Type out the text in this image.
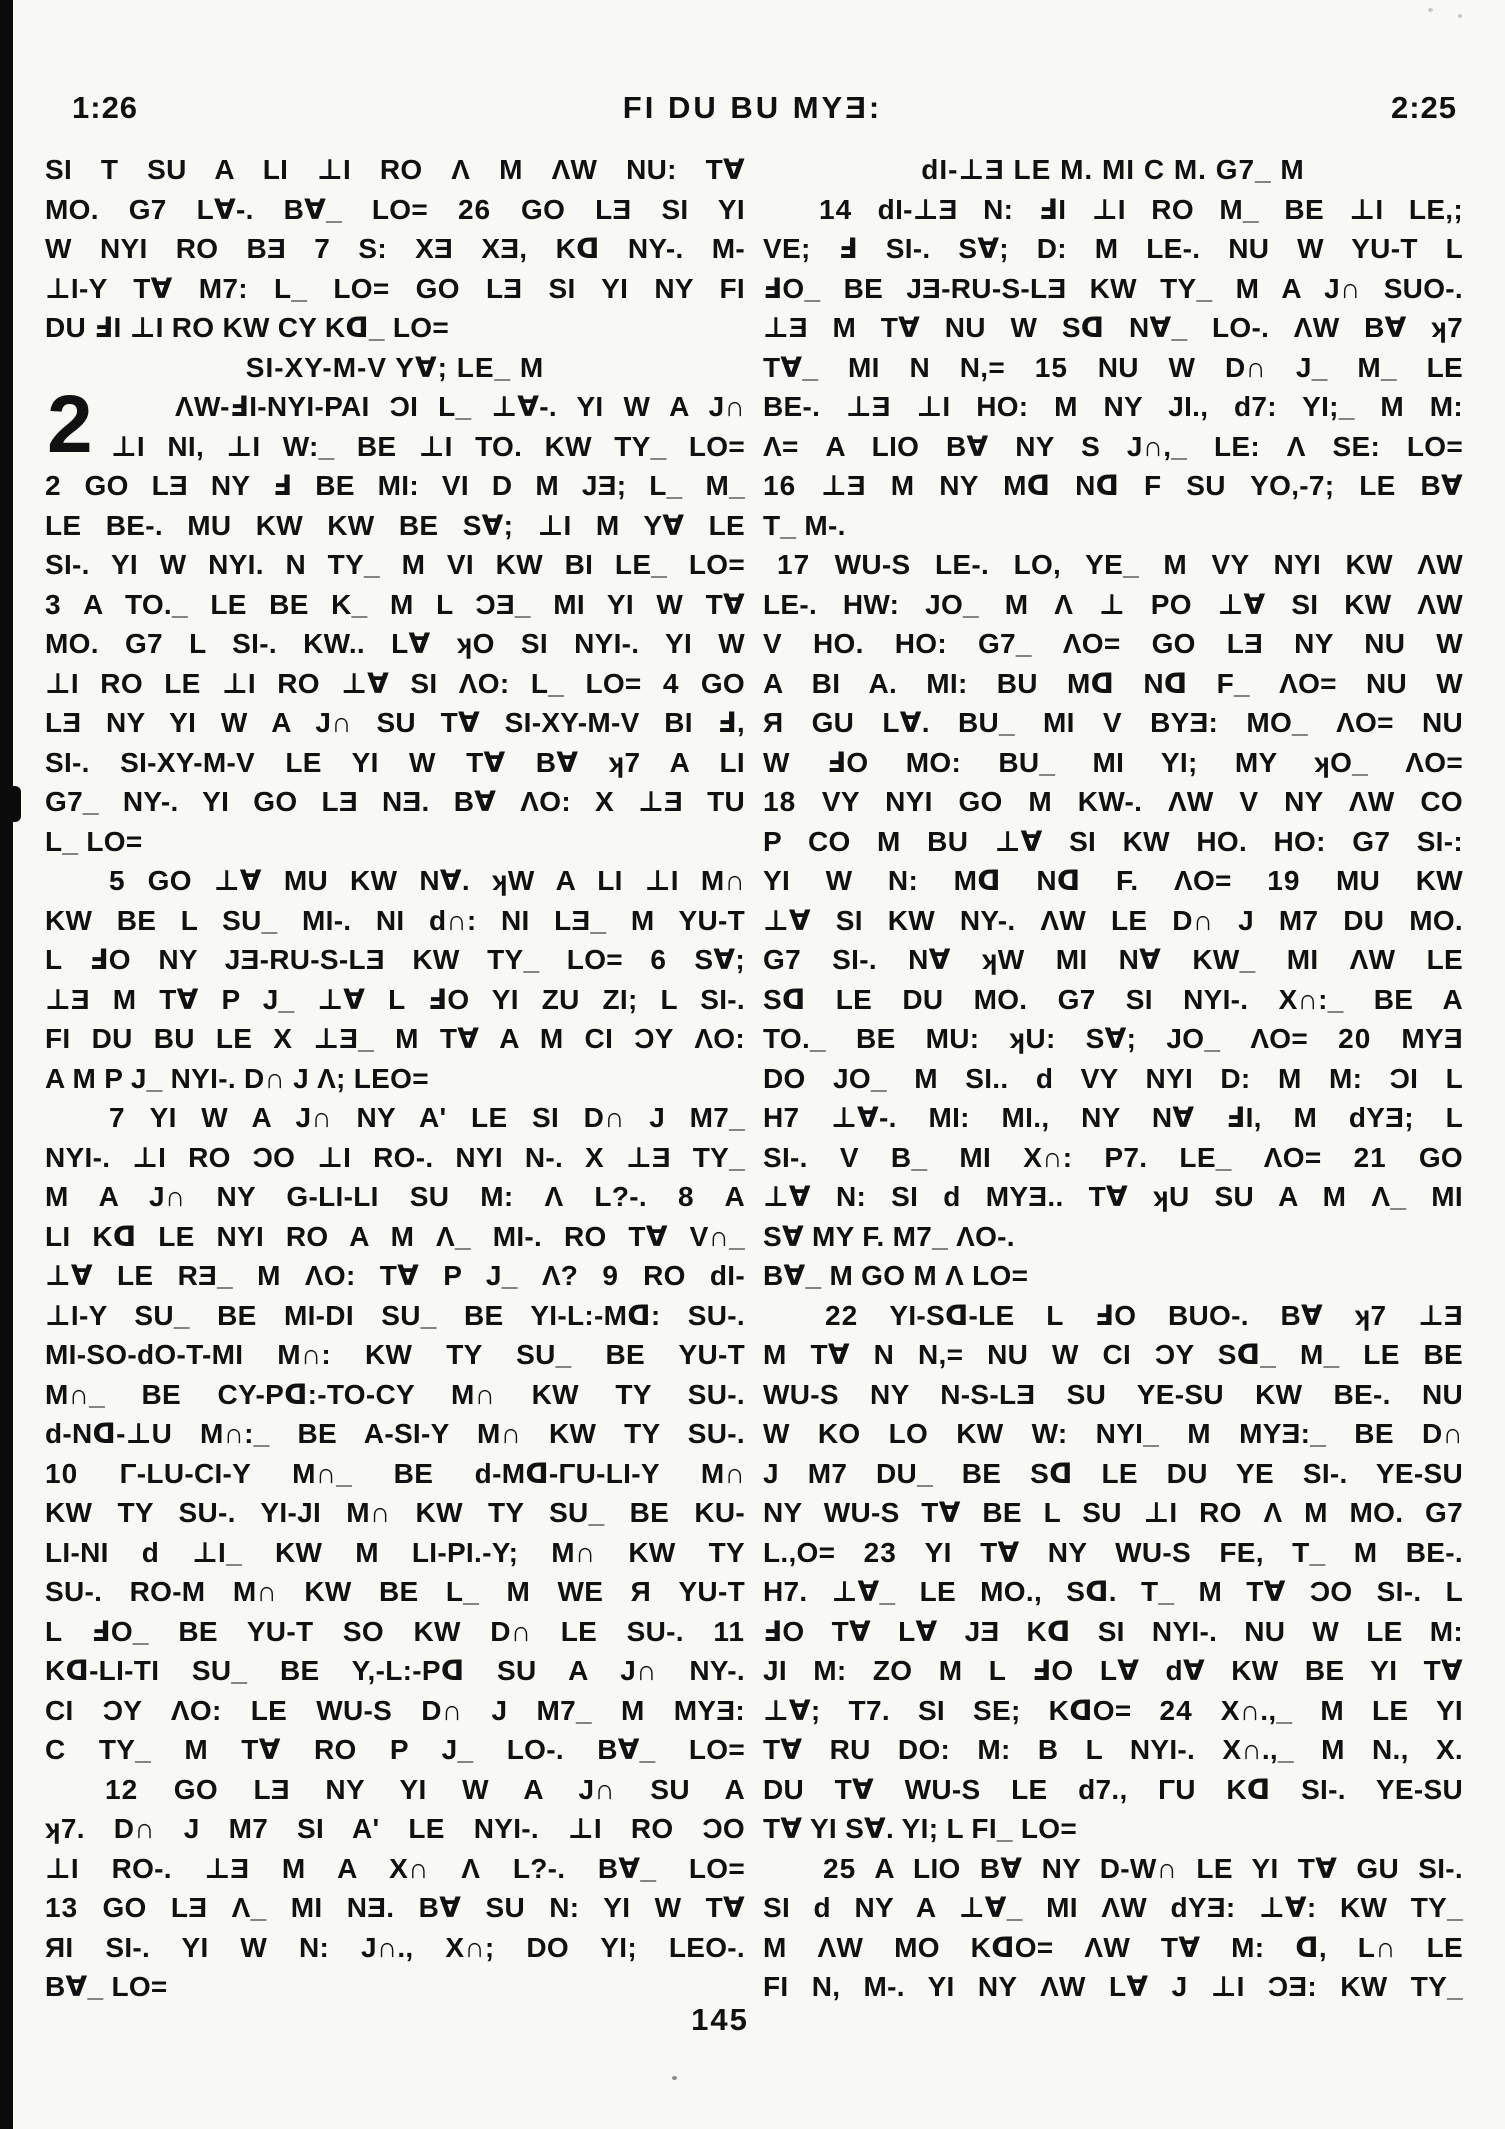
1:26	FI DU BU MYƎ:	2:25
2
SI T SU A LI ⊥I RO Λ M ΛW NU: T∀
MO. G7 L∀-. B∀_ LO= 26 GO LƎ SI YI
W NYI RO BƎ 7 S: XƎ XƎ, Kᗡ NY-. M-
⊥I-Y T∀ M7: L_ LO= GO LƎ SI YI NY FI
DU ℲI ⊥I RO KW CY Kᗡ_ LO=
SI-XY-M-V Y∀; LE_ M
ΛW-ℲI-NYI-PAI ƆI L_ ⊥∀-. YI W A J∩
⊥I NI, ⊥I W:_ BE ⊥I TO. KW TY_ LO=
2 GO LƎ NY Ⅎ BE MI: VI D M JƎ; L_ M_
LE BE-. MU KW KW BE S∀; ⊥I M Y∀ LE
SI-. YI W NYI. N TY_ M VI KW BI LE_ LO=
3 A TO._ LE BE K_ M L ƆƎ_ MI YI W T∀
MO. G7 L SI-. KW.. L∀ ʞO SI NYI-. YI W
⊥I RO LE ⊥I RO ⊥∀ SI ΛO: L_ LO= 4 GO
LƎ NY YI W A J∩ SU T∀ SI-XY-M-V BI Ⅎ,
SI-. SI-XY-M-V LE YI W T∀ B∀ ʞ7 A LI
G7_ NY-. YI GO LƎ NƎ. B∀ ΛO: X ⊥Ǝ TU
L_ LO=
5 GO ⊥∀ MU KW N∀. ʞW A LI ⊥I M∩
KW BE L SU_ MI-. NI d∩: NI LƎ_ M YU-T
L ℲO NY JƎ-RU-S-LƎ KW TY_ LO= 6 S∀;
⊥Ǝ M T∀ P J_ ⊥∀ L ℲO YI ZU ZI; L SI-.
FI DU BU LE X ⊥Ǝ_ M T∀ A M CI ƆY ΛO:
A M P J_ NYI-. D∩ J Λ; LEO=
7 YI W A J∩ NY A' LE SI D∩ J M7_
NYI-. ⊥I RO ƆO ⊥I RO-. NYI N-. X ⊥Ǝ TY_
M A J∩ NY G-LI-LI SU M: Λ L?-. 8 A
LI Kᗡ LE NYI RO A M Λ_ MI-. RO T∀ V∩_
⊥∀ LE RƎ_ M ΛO: T∀ P J_ Λ? 9 RO dI-
⊥I-Y SU_ BE MI-DI SU_ BE YI-L:-Mᗡ: SU-.
MI-SO-dO-T-MI M∩: KW TY SU_ BE YU-T
M∩_ BE CY-Pᗡ:-TO-CY M∩ KW TY SU-.
d-Nᗡ-⊥U M∩:_ BE A-SI-Y M∩ KW TY SU-.
10 Γ-LU-CI-Y M∩_ BE d-Mᗡ-ΓU-LI-Y M∩
KW TY SU-. YI-JI M∩ KW TY SU_ BE KU-
LI-NI d ⊥I_ KW M LI-PI.-Y; M∩ KW TY
SU-. RO-M M∩ KW BE L_ M WE Я YU-T
L ℲO_ BE YU-T SO KW D∩ LE SU-. 11
Kᗡ-LI-TI SU_ BE Y,-L:-Pᗡ SU A J∩ NY-.
CI ƆY ΛO: LE WU-S D∩ J M7_ M MYƎ:
C TY_ M T∀ RO P J_ LO-. B∀_ LO=
12 GO LƎ NY YI W A J∩ SU A
ʞ7. D∩ J M7 SI A' LE NYI-. ⊥I RO ƆO
⊥I RO-. ⊥Ǝ M A X∩ Λ L?-. B∀_ LO=
13 GO LƎ Λ_ MI NƎ. B∀ SU N: YI W T∀
ЯI SI-. YI W N: J∩., X∩; DO YI; LEO-.
B∀_ LO=
dI-⊥Ǝ LE M. MI C M. G7_ M
14 dI-⊥Ǝ N: ℲI ⊥I RO M_ BE ⊥I LE,;
VE; Ⅎ SI-. S∀; D: M LE-. NU W YU-T L
ℲO_ BE JƎ-RU-S-LƎ KW TY_ M A J∩ SUO-.
⊥Ǝ M T∀ NU W Sᗡ N∀_ LO-. ΛW B∀ ʞ7
T∀_ MI N N,= 15 NU W D∩ J_ M_ LE
BE-. ⊥Ǝ ⊥I HO: M NY JI., d7: YI;_ M M:
Λ= A LIO B∀ NY S J∩,_ LE: Λ SE: LO=
16 ⊥Ǝ M NY Mᗡ Nᗡ F SU YO,-7; LE B∀
T_ M-.
17 WU-S LE-. LO, YE_ M VY NYI KW ΛW
LE-. HW: JO_ M Λ ⊥ PO ⊥∀ SI KW ΛW
V HO. HO: G7_ ΛO= GO LƎ NY NU W
A BI A. MI: BU Mᗡ Nᗡ F_ ΛO= NU W
Я GU L∀. BU_ MI V BYƎ: MO_ ΛO= NU
W ℲO MO: BU_ MI YI; MY ʞO_ ΛO=
18 VY NYI GO M KW-. ΛW V NY ΛW CO
P CO M BU ⊥∀ SI KW HO. HO: G7 SI-:
YI W N: Mᗡ Nᗡ F. ΛO= 19 MU KW
⊥∀ SI KW NY-. ΛW LE D∩ J M7 DU MO.
G7 SI-. N∀ ʞW MI N∀ KW_ MI ΛW LE
Sᗡ LE DU MO. G7 SI NYI-. X∩:_ BE A
TO._ BE MU: ʞU: S∀; JO_ ΛO= 20 MYƎ
DO JO_ M SI.. d VY NYI D: M M: ƆI L
H7 ⊥∀-. MI: MI., NY N∀ ℲI, M dYƎ; L
SI-. V B_ MI X∩: P7. LE_ ΛO= 21 GO
⊥∀ N: SI d MYƎ.. T∀ ʞU SU A M Λ_ MI
S∀ MY F. M7_ ΛO-.
B∀_ M GO M Λ LO=
22 YI-Sᗡ-LE L ℲO BUO-. B∀ ʞ7 ⊥Ǝ
M T∀ N N,= NU W CI ƆY Sᗡ_ M_ LE BE
WU-S NY N-S-LƎ SU YE-SU KW BE-. NU
W KO LO KW W: NYI_ M MYƎ:_ BE D∩
J M7 DU_ BE Sᗡ LE DU YE SI-. YE-SU
NY WU-S T∀ BE L SU ⊥I RO Λ M MO. G7
L.,O= 23 YI T∀ NY WU-S FE, T_ M BE-.
H7. ⊥∀_ LE MO., Sᗡ. T_ M T∀ ƆO SI-. L
ℲO T∀ L∀ JƎ Kᗡ SI NYI-. NU W LE M:
JI M: ZO M L ℲO L∀ d∀ KW BE YI T∀
⊥∀; T7. SI SE; KᗡO= 24 X∩.,_ M LE YI
T∀ RU DO: M: B L NYI-. X∩.,_ M N., X.
DU T∀ WU-S LE d7., ΓU Kᗡ SI-. YE-SU
T∀ YI S∀. YI; L FI_ LO=
25 A LIO B∀ NY D-W∩ LE YI T∀ GU SI-.
SI d NY A ⊥∀_ MI ΛW dYƎ: ⊥∀: KW TY_
M ΛW MO KᗡO= ΛW T∀ M: ᗡ, L∩ LE
FI N, M-. YI NY ΛW L∀ J ⊥I ƆƎ: KW TY_
145
